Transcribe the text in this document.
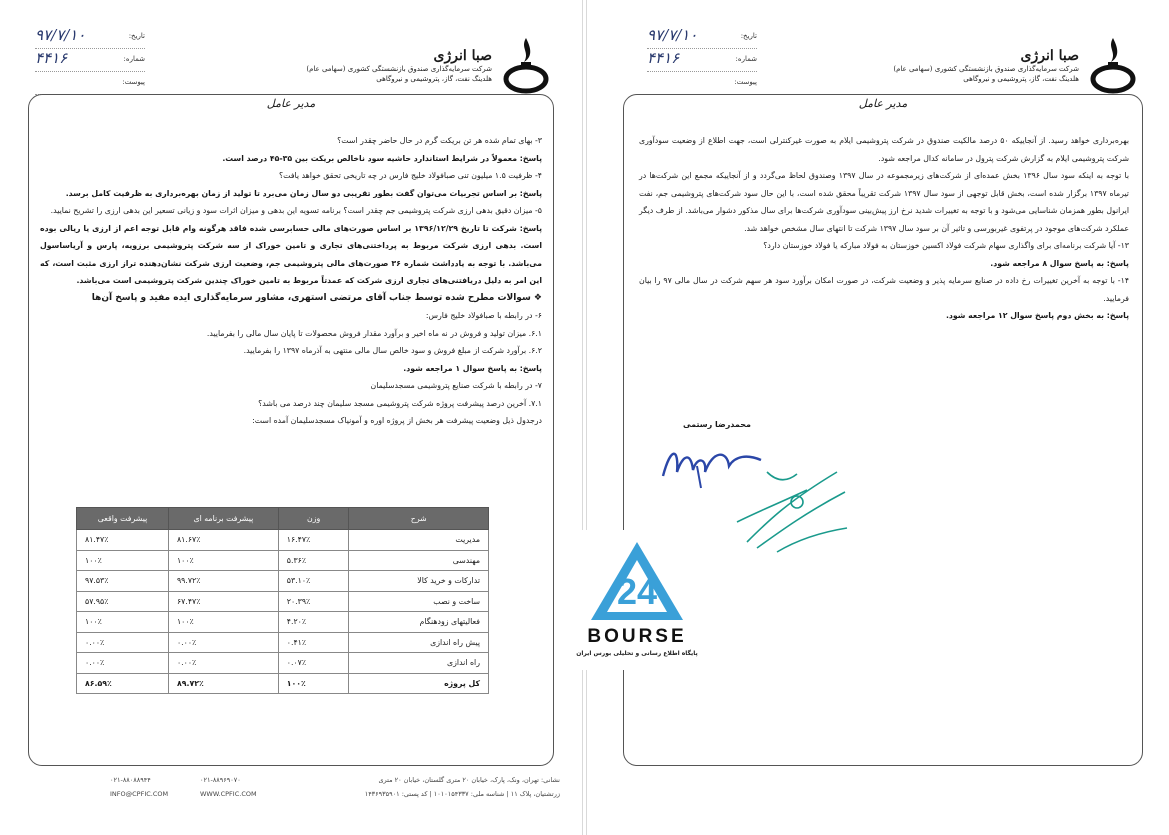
صبا انرژی
شرکت سرمایه‌گذاری صندوق بازنشستگی کشوری (سهامی عام)
هلدینگ نفت، گاز، پتروشیمی و نیروگاهی
تاریخ:
۹۷/۷/۱۰
شماره:
۴۴۱۶
پیوست:
مدیر عامل

۳- بهای تمام شده هر تن بریکت گرم در حال حاضر چقدر است؟

پاسخ: معمولاً در شرایط استاندارد حاشیه سود ناخالص بریکت بین ۳۵-۴۵ درصد است.

۴- ظرفیت ۱.۵ میلیون تنی صبافولاد خلیج فارس در چه تاریخی تحقق خواهد یافت؟

پاسخ: بر اساس تجربیات می‌توان گفت بطور تقریبی دو سال زمان می‌برد تا تولید از زمان بهره‌برداری به ظرفیت کامل برسد.

۵- میزان دقیق بدهی ارزی شرکت پتروشیمی جم چقدر است؟ برنامه تسویه این بدهی و میزان اثرات سود و زیانی تسعیر این بدهی ارزی را تشریح نمایید.

پاسخ: شرکت تا تاریخ ۱۳۹۶/۱۲/۲۹ بر اساس صورت‌های مالی حسابرسی شده فاقد هرگونه وام قابل توجه اعم از ارزی یا ریالی بوده است. بدهی ارزی شرکت مربوط به پرداختنی‌های تجاری و تامین خوراک از سه شرکت پتروشیمی برزویه، پارس و آریاساسول می‌باشد. با توجه به یادداشت شماره ۳۶ صورت‌های مالی پتروشیمی جم، وضعیت ارزی شرکت نشان‌دهنده تراز ارزی مثبت است، که این امر به دلیل دریافتنی‌های تجاری ارزی شرکت که عمدتاً مربوط به تامین خوراک چندین شرکت پتروشیمی است می‌باشد.

❖ سوالات مطرح شده توسط جناب آقای مرتضی استهری، مشاور سرمایه‌گذاری ایده مفید و پاسخ آن‌ها

۶- در رابطه با صبافولاد خلیج فارس:

۶.۱. میزان تولید و فروش در نه ماه اخیر و برآورد مقدار فروش محصولات تا پایان سال مالی را بفرمایید.

۶.۲. برآورد شرکت از مبلغ فروش و سود خالص سال مالی منتهی به آذرماه ۱۳۹۷ را بفرمایید.

پاسخ: به پاسخ سوال ۱ مراجعه شود.

۷- در رابطه با شرکت صنایع پتروشیمی مسجدسلیمان

۷.۱. آخرین درصد پیشرفت پروژه شرکت پتروشیمی مسجد سلیمان چند درصد می باشد؟

درجدول ذیل وضعیت پیشرفت هر بخش از پروژه اوره و آمونیاک مسجدسلیمان آمده است:

شرح	وزن	پیشرفت برنامه ای	پیشرفت واقعی
مدیریت	۱۶.۴۷٪	۸۱.۶۷٪	۸۱.۴۷٪
مهندسی	۵.۳۶٪	۱۰۰٪	۱۰۰٪
تدارکات و خرید کالا	۵۳.۱۰٪	۹۹.۷۲٪	۹۷.۵۳٪
ساخت و نصب	۲۰.۳۹٪	۶۷.۴۷٪	۵۷.۹۵٪
فعالیتهای زودهنگام	۴.۲۰٪	۱۰۰٪	۱۰۰٪
پیش راه اندازی	۰.۴۱٪	۰.۰۰٪	۰.۰۰٪
راه اندازی	۰.۰۷٪	۰.۰۰٪	۰.۰۰٪
کل پروژه	۱۰۰٪	۸۹.۷۲٪	۸۶.۵۹٪
نشانی: تهران، ونک، پارک، خیابان ۲۰ متری گلستان، خیابان ۲۰ متری
زرتشتیان، پلاک ۱۱ | شناسه ملی: ۱۰۱۰۱۵۴۳۳۷ | کد پستی: ۱۴۳۶۹۳۵۹۰۱
۰۲۱-۸۸۹۶۹۰۷۰
۰۲۱-۸۸۰۸۸۹۴۴
WWW.CPFIC.COM
INFO@CPFIC.COM
صبا انرژی
شرکت سرمایه‌گذاری صندوق بازنشستگی کشوری (سهامی عام)
هلدینگ نفت، گاز، پتروشیمی و نیروگاهی
تاریخ:
۹۷/۷/۱۰
شماره:
۴۴۱۶
پیوست:
مدیر عامل

بهره‌برداری خواهد رسید. از آنجاییکه ۵۰ درصد مالکیت صندوق در شرکت پتروشیمی ایلام به صورت غیرکنترلی است، جهت اطلاع از وضعیت سودآوری شرکت پتروشیمی ایلام به گزارش شرکت پترول در سامانه کدال مراجعه شود.

با توجه به اینکه سود سال ۱۳۹۶ بخش عمده‌ای از شرکت‌های زیرمجموعه در سال ۱۳۹۷ وصندوق لحاظ می‌گردد و از آنجاییکه مجمع این شرکت‌ها در تیرماه ۱۳۹۷ برگزار شده است، بخش قابل توجهی از سود سال ۱۳۹۷ شرکت تقریباً محقق شده است، با این حال سود شرکت‌های پتروشیمی جم، نفت ایرانول بطور همزمان شناسایی می‌شود و با توجه به تغییرات شدید نرخ ارز پیش‌بینی سودآوری شرکت‌ها برای سال مذکور دشوار می‌باشد. از طرف دیگر عملکرد شرکت‌های موجود در پرتفوی غیربورسی و تاثیر آن بر سود سال ۱۳۹۷ شرکت تا انتهای سال مشخص خواهد شد.

۱۳- آیا شرکت برنامه‌ای برای واگذاری سهام شرکت فولاد اکسین خوزستان به فولاد مبارکه یا فولاد خوزستان دارد؟

پاسخ: به پاسخ سوال ۸ مراجعه شود.

۱۴- با توجه به آخرین تغییرات رخ داده در صنایع سرمایه پذیر و وضعیت شرکت، در صورت امکان برآورد سود هر سهم شرکت در سال مالی ۹۷ را بیان فرمایید.

پاسخ: به بخش دوم پاسخ سوال ۱۲ مراجعه شود.

محمدرضا رستمی
24
BOURSE
پایگاه اطلاع رسانی و تحلیلی بورس ایران
